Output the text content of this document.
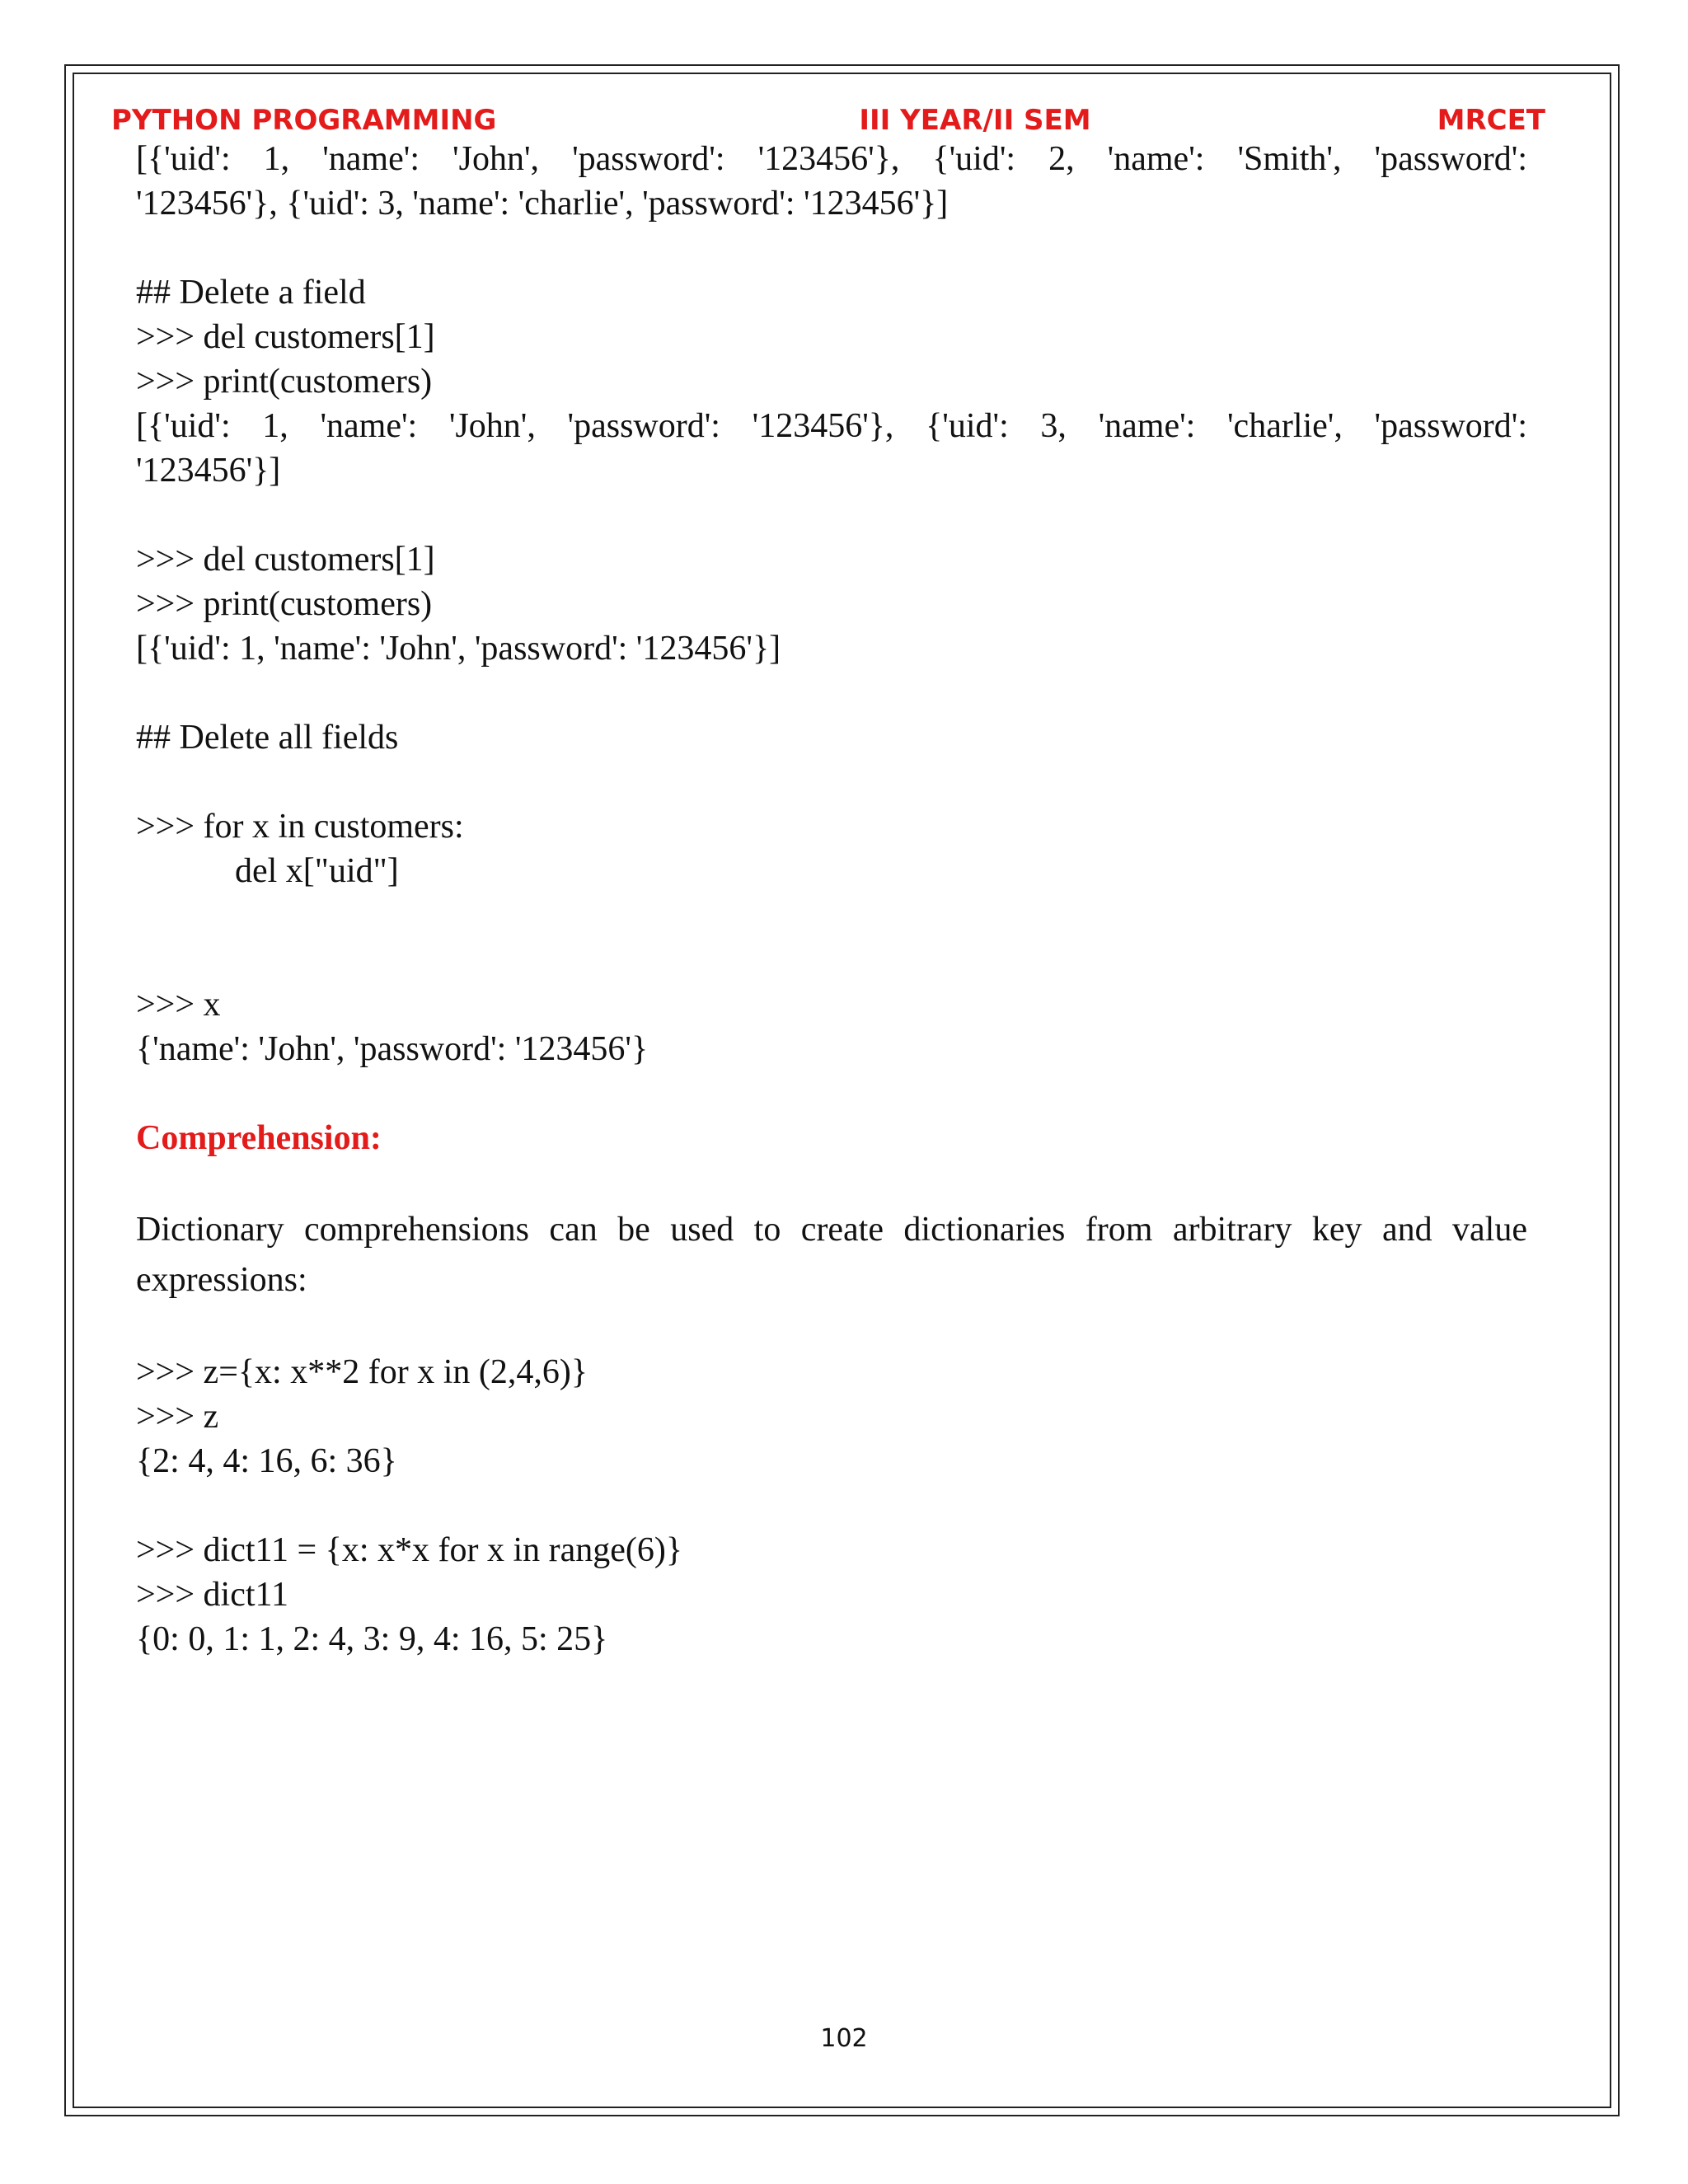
PYTHON PROGRAMMING	III YEAR/II SEM	MRCET
[{'uid': 1, 'name': 'John', 'password': '123456'}, {'uid': 2, 'name': 'Smith', 'password':
'123456'}, {'uid': 3, 'name': 'charlie', 'password': '123456'}]
## Delete a field
>>> del customers[1]
>>> print(customers)
[{'uid': 1, 'name': 'John', 'password': '123456'}, {'uid': 3, 'name': 'charlie', 'password':
'123456'}]
>>> del customers[1]
>>> print(customers)
[{'uid': 1, 'name': 'John', 'password': '123456'}]
## Delete all fields
>>> for x in customers:
del x["uid"]
>>> x
{'name': 'John', 'password': '123456'}
Comprehension:
Dictionary comprehensions can be used to create dictionaries from arbitrary key and value expressions:
>>> z={x: x**2 for x in (2,4,6)}
>>> z
{2: 4, 4: 16, 6: 36}
>>> dict11 = {x: x*x for x in range(6)}
>>> dict11
{0: 0, 1: 1, 2: 4, 3: 9, 4: 16, 5: 25}
102
